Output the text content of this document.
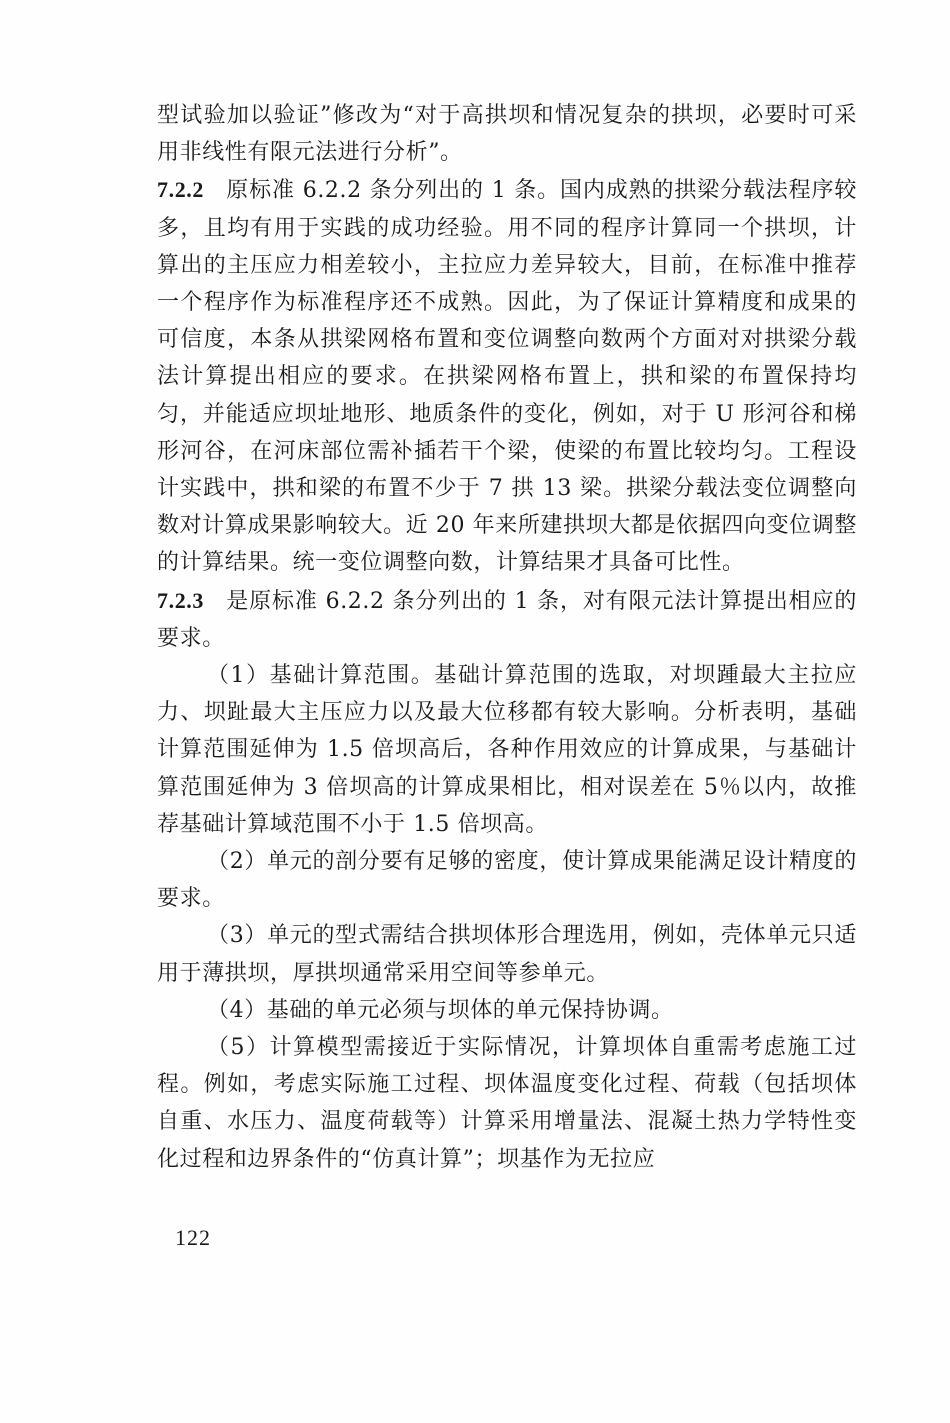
型试验加以验证”修改为“对于高拱坝和情况复杂的拱坝，必要时可采用非线性有限元法进行分析”。

7.2.2 原标准 6.2.2 条分列出的 1 条。国内成熟的拱梁分载法程序较多，且均有用于实践的成功经验。用不同的程序计算同一个拱坝，计算出的主压应力相差较小，主拉应力差异较大，目前，在标准中推荐一个程序作为标准程序还不成熟。因此，为了保证计算精度和成果的可信度，本条从拱梁网格布置和变位调整向数两个方面对对拱梁分载法计算提出相应的要求。在拱梁网格布置上，拱和梁的布置保持均匀，并能适应坝址地形、地质条件的变化，例如，对于 U 形河谷和梯形河谷，在河床部位需补插若干个梁，使梁的布置比较均匀。工程设计实践中，拱和梁的布置不少于 7 拱 13 梁。拱梁分载法变位调整向数对计算成果影响较大。近 20 年来所建拱坝大都是依据四向变位调整的计算结果。统一变位调整向数，计算结果才具备可比性。

7.2.3 是原标准 6.2.2 条分列出的 1 条，对有限元法计算提出相应的要求。

（1）基础计算范围。基础计算范围的选取，对坝踵最大主拉应力、坝趾最大主压应力以及最大位移都有较大影响。分析表明，基础计算范围延伸为 1.5 倍坝高后，各种作用效应的计算成果，与基础计算范围延伸为 3 倍坝高的计算成果相比，相对误差在 5％以内，故推荐基础计算域范围不小于 1.5 倍坝高。

（2）单元的剖分要有足够的密度，使计算成果能满足设计精度的要求。

（3）单元的型式需结合拱坝体形合理选用，例如，壳体单元只适用于薄拱坝，厚拱坝通常采用空间等参单元。

（4）基础的单元必须与坝体的单元保持协调。

（5）计算模型需接近于实际情况，计算坝体自重需考虑施工过程。例如，考虑实际施工过程、坝体温度变化过程、荷载（包括坝体自重、水压力、温度荷载等）计算采用增量法、混凝土热力学特性变化过程和边界条件的“仿真计算”；坝基作为无拉应

122
